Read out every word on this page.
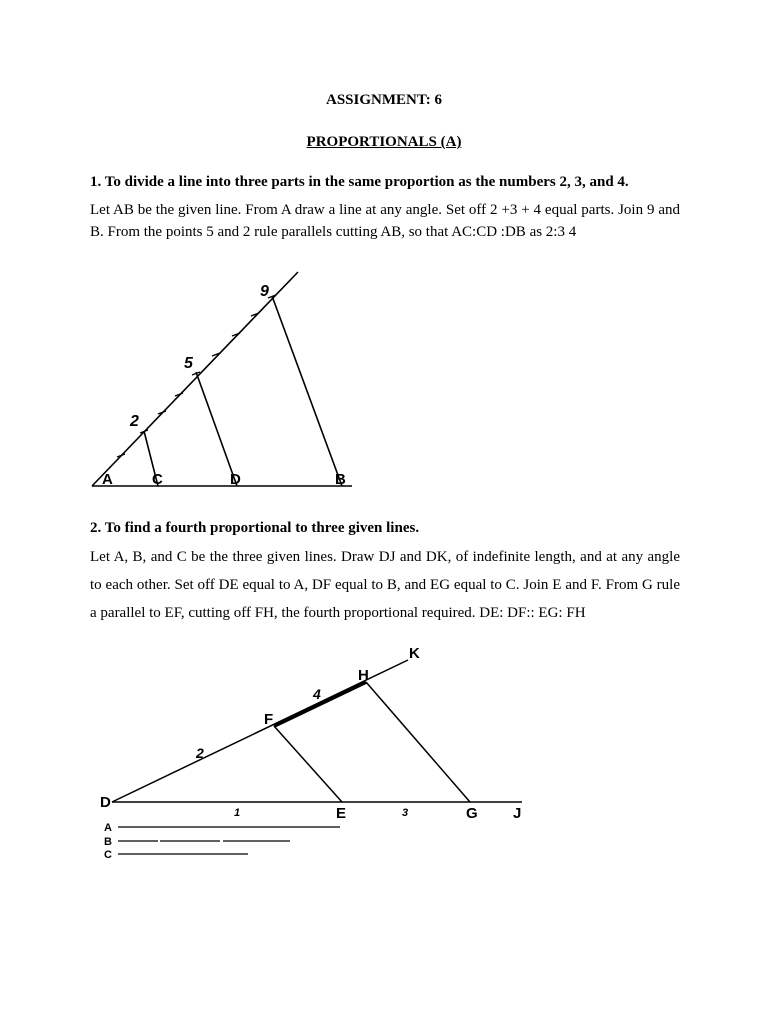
ASSIGNMENT: 6
PROPORTIONALS (A)
1. To divide a line into three parts in the same proportion as the numbers 2, 3, and 4.

Let AB be the given line. From A draw a line at any angle. Set off 2 +3 + 4 equal parts. Join 9 and B. From the points 5 and 2 rule parallels cutting AB, so that AC:CD :DB as 2:3 4

A	C	D	B
2
5
9
2. To find a fourth proportional to three given lines.

Let A, B, and C be the three given lines. Draw DJ and DK, of indefinite length, and at any angle to each other. Set off DE equal to A, DF equal to B, and EG equal to C. Join E and F. From G rule a parallel to EF, cutting off FH, the fourth proportional required. DE: DF:: EG: FH

D
E	G J
K
F
H
1	3
2
4
A
B
C
